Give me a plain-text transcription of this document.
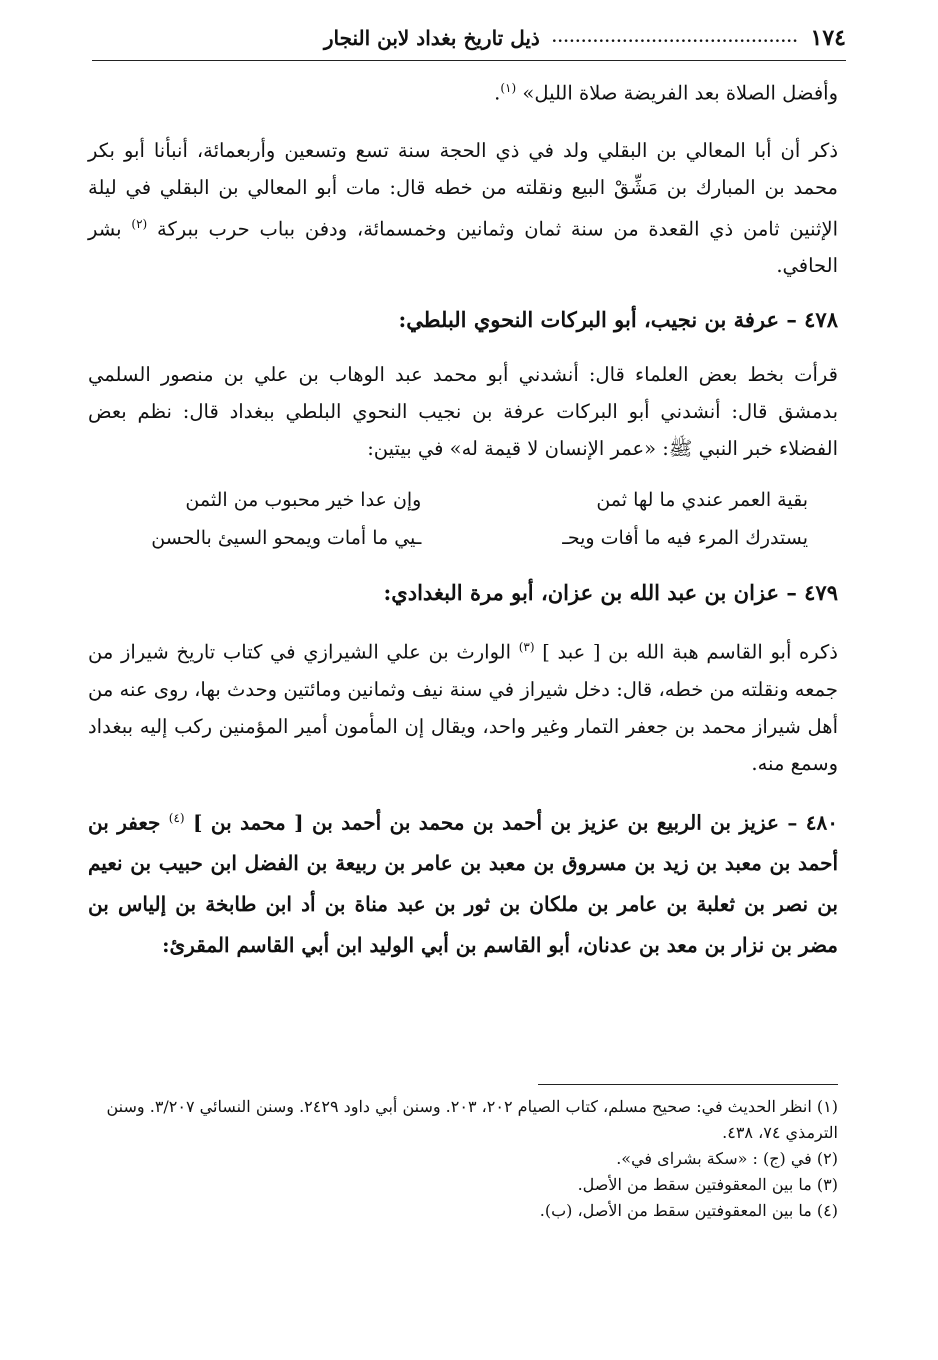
١٧٤
..........................................
ذيل تاريخ بغداد لابن النجار

وأفضل الصلاة بعد الفريضة صلاة الليل» $^{(١)}$.

ذكر أن أبا المعالي بن البقلي ولد في ذي الحجة سنة تسع وتسعين وأربعمائة، أنبأنا أبو بكر محمد بن المبارك بن مَشِّقْ البيع ونقلته من خطه قال: مات أبو المعالي بن البقلي في ليلة الإثنين ثامن ذي القعدة من سنة ثمان وثمانين وخمسمائة، ودفن بباب حرب ببركة $^{(٢)}$ بشر الحافي.

٤٧٨ – عرفة بن نجيب، أبو البركات النحوي البلطي:

قرأت بخط بعض العلماء قال: أنشدني أبو محمد عبد الوهاب بن علي بن منصور السلمي بدمشق قال: أنشدني أبو البركات عرفة بن نجيب النحوي البلطي ببغداد قال: نظم بعض الفضلاء خبر النبي ﷺ: «عمر الإنسان لا قيمة له» في بيتين:

بقية العمر عندي ما لها ثمن
وإن عدا خير محبوب من الثمن
يستدرك المرء فيه ما أفات ويحـ
ـيي ما أمات ويمحو السيئ بالحسن

٤٧٩ – عزان بن عبد الله بن عزان، أبو مرة البغدادي:

ذكره أبو القاسم هبة الله بن [ عبد ] $^{(٣)}$ الوارث بن علي الشيرازي في كتاب تاريخ شيراز من جمعه ونقلته من خطه، قال: دخل شيراز في سنة نيف وثمانين ومائتين وحدث بها، روى عنه من أهل شيراز محمد بن جعفر التمار وغير واحد، ويقال إن المأمون أمير المؤمنين ركب إليه ببغداد وسمع منه.

٤٨٠ – عزيز بن الربيع بن عزيز بن أحمد بن محمد بن أحمد بن [ محمد بن ] $^{(٤)}$ جعفر بن أحمد بن معبد بن زيد بن مسروق بن معبد بن عامر بن ربيعة بن الفضل ابن حبيب بن نعيم بن نصر بن ثعلبة بن عامر بن ملكان بن ثور بن عبد مناة بن أد ابن طابخة بن إلياس بن مضر بن نزار بن معد بن عدنان، أبو القاسم بن أبي الوليد ابن أبي القاسم المقرئ:

(١) انظر الحديث في: صحيح مسلم، كتاب الصيام ٢٠٢، ٢٠٣. وسنن أبي داود ٢٤٢٩. وسنن النسائي ٣/٢٠٧. وسنن الترمذي ٧٤، ٤٣٨.

(٢) في (ج) : «سكة بشراى في».

(٣) ما بين المعقوفتين سقط من الأصل.

(٤) ما بين المعقوفتين سقط من الأصل، (ب).
